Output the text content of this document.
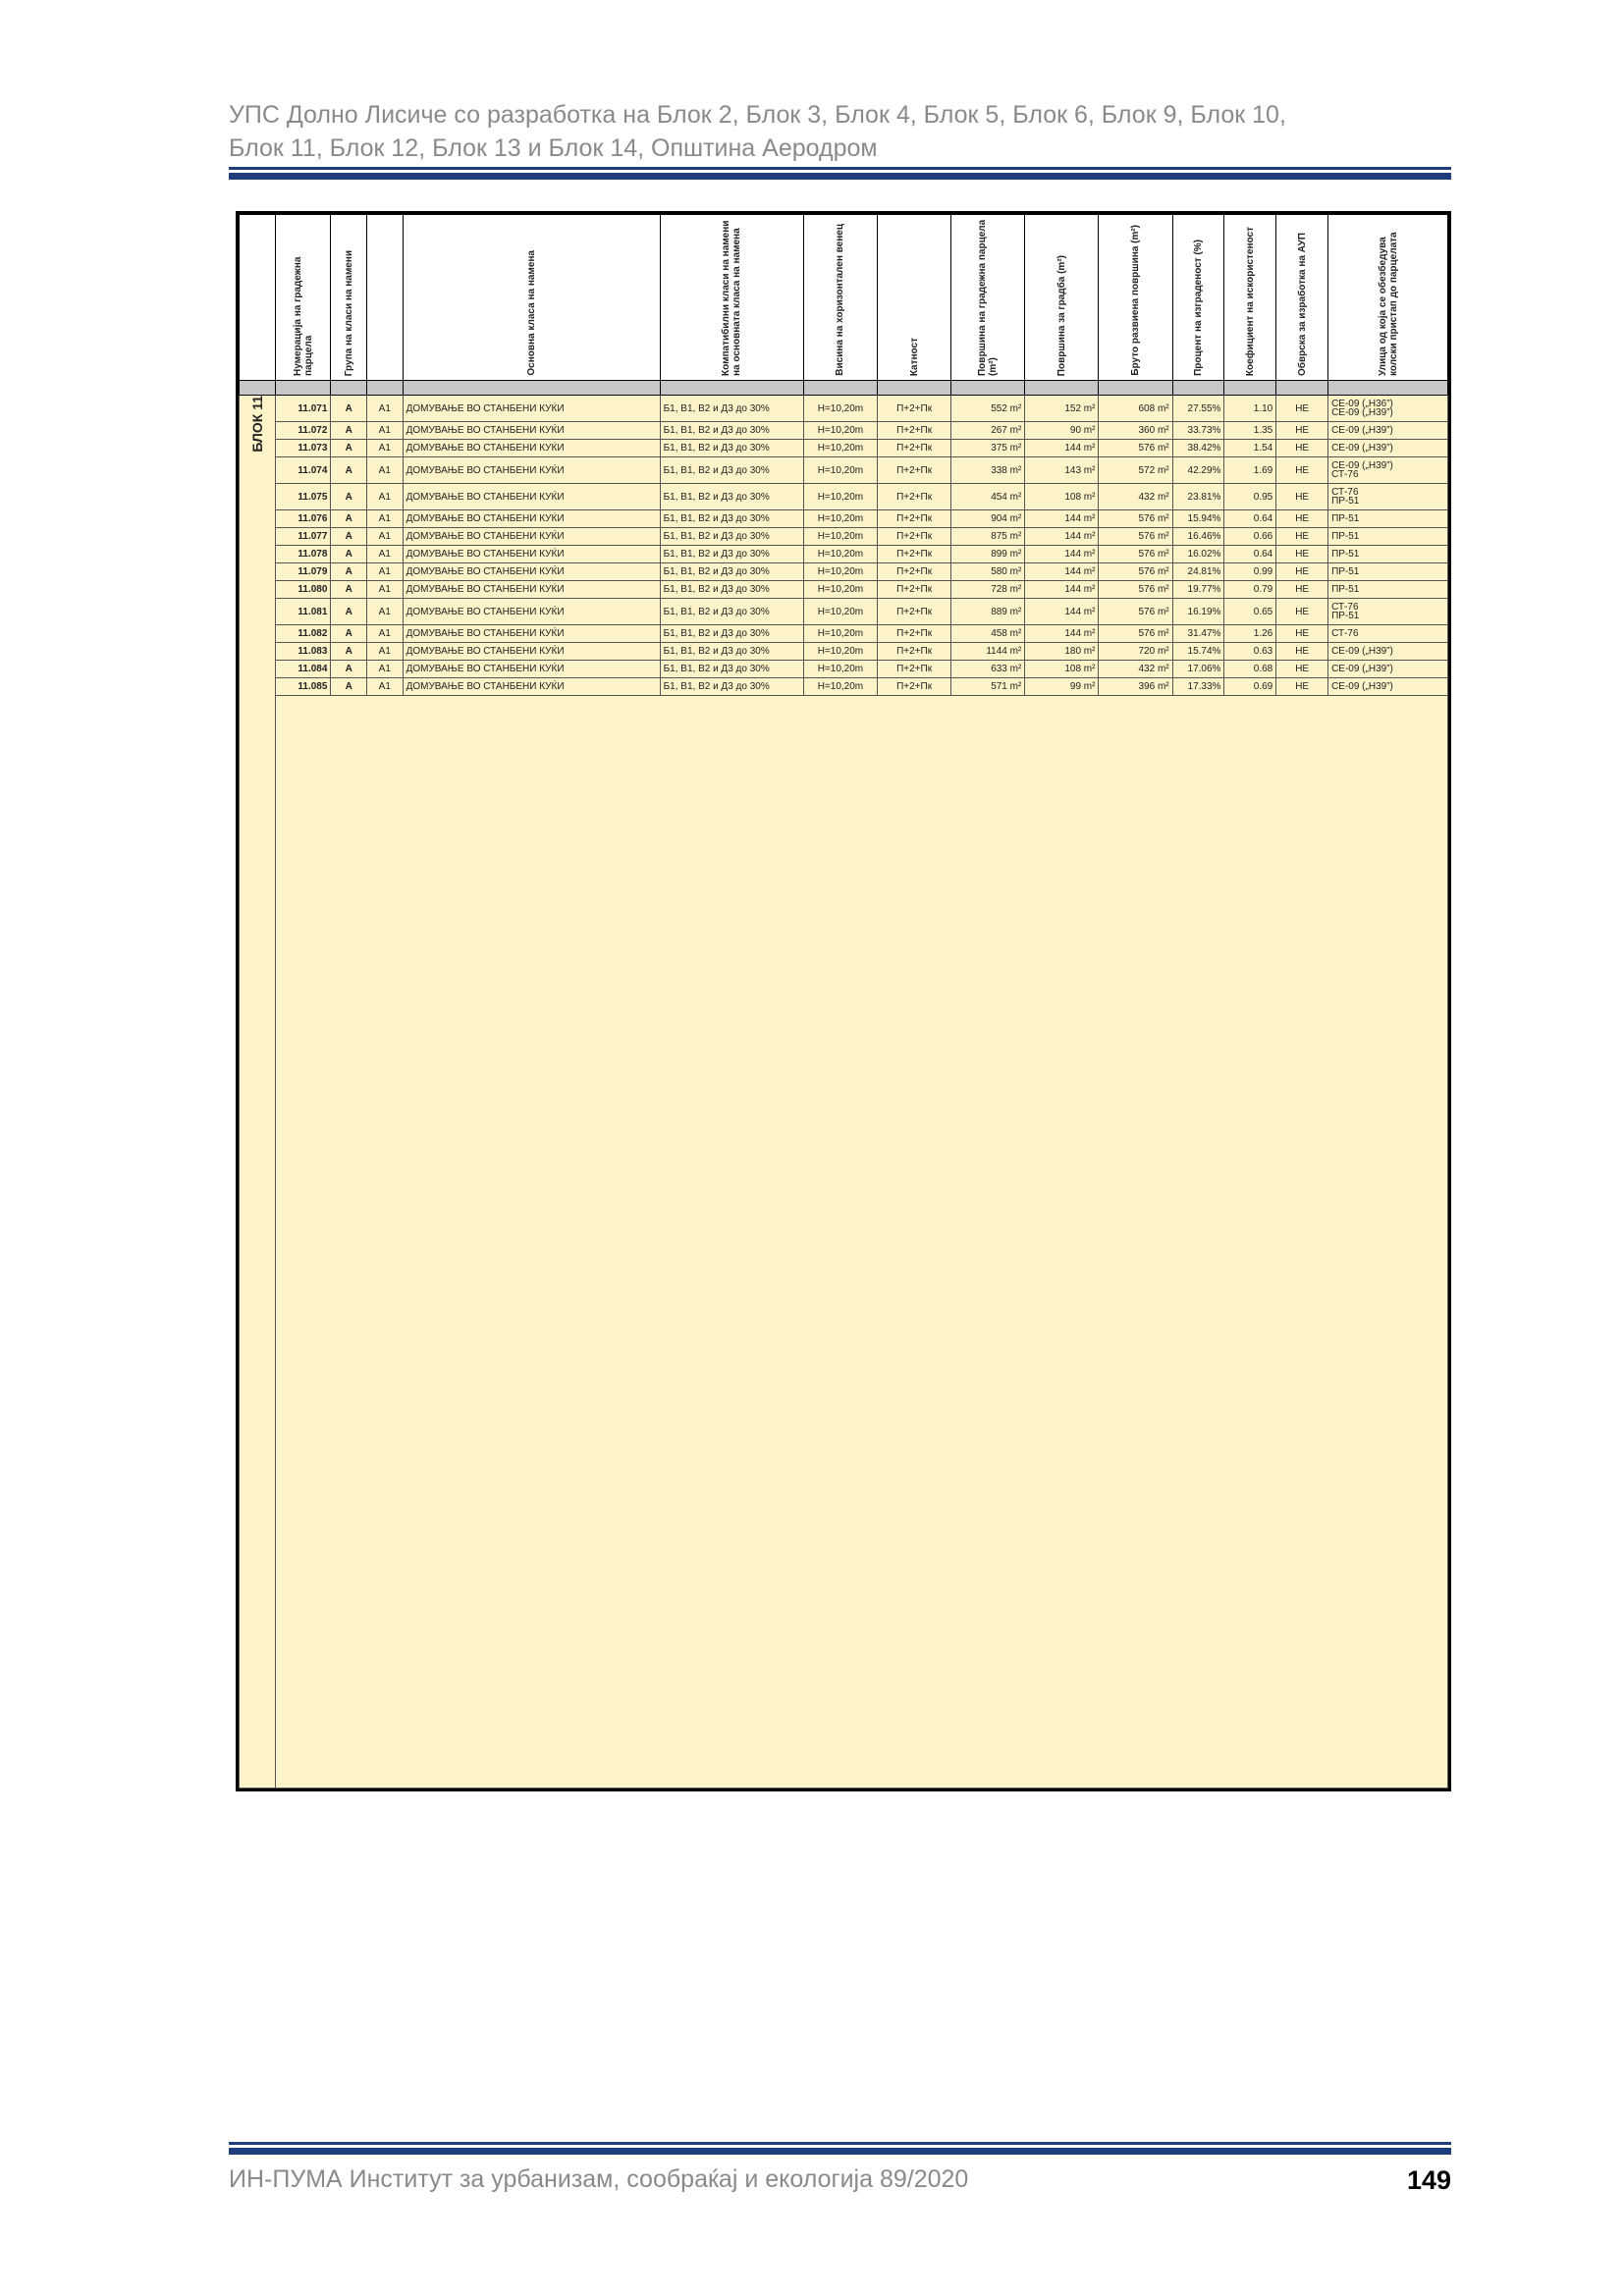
УПС Долно Лисиче со разработка на Блок 2, Блок 3, Блок 4, Блок 5, Блок 6, Блок 9, Блок 10,
Блок 11, Блок 12, Блок 13 и Блок 14, Општина Аеродром

	Нумерација на градежна парцела	Група на класи на намени		Основна класа на намена	Компатибилни класи на намени на основната класа на намена	Висина на хоризонтален венец	Катност	Површина на градежна парцела (m²)	Површина за градба (m²)	Бруто развиена површина (m²)	Процент на изграденост (%)	Коефициент на искористеност	Обврска за изработка на АУП	Улица од која се обезбедува колски пристап до парцелата

БЛОК 11	11.071	А	А1	ДОМУВАЊЕ ВО СТАНБЕНИ КУЌИ	Б1, В1, В2 и Д3 до 30%	Н=10,20m	П+2+Пк	552 m²	152 m²	608 m²	27.55%	1.10	НЕ	СЕ-09 („Н36”)
СЕ-09 („Н39”)
	11.072	А	А1	ДОМУВАЊЕ ВО СТАНБЕНИ КУЌИ	Б1, В1, В2 и Д3 до 30%	Н=10,20m	П+2+Пк	267 m²	90 m²	360 m²	33.73%	1.35	НЕ	СЕ-09 („Н39”)
	11.073	А	А1	ДОМУВАЊЕ ВО СТАНБЕНИ КУЌИ	Б1, В1, В2 и Д3 до 30%	Н=10,20m	П+2+Пк	375 m²	144 m²	576 m²	38.42%	1.54	НЕ	СЕ-09 („Н39”)
	11.074	А	А1	ДОМУВАЊЕ ВО СТАНБЕНИ КУЌИ	Б1, В1, В2 и Д3 до 30%	Н=10,20m	П+2+Пк	338 m²	143 m²	572 m²	42.29%	1.69	НЕ	СЕ-09 („Н39”)
СТ-76
	11.075	А	А1	ДОМУВАЊЕ ВО СТАНБЕНИ КУЌИ	Б1, В1, В2 и Д3 до 30%	Н=10,20m	П+2+Пк	454 m²	108 m²	432 m²	23.81%	0.95	НЕ	СТ-76
ПР-51
	11.076	А	А1	ДОМУВАЊЕ ВО СТАНБЕНИ КУЌИ	Б1, В1, В2 и Д3 до 30%	Н=10,20m	П+2+Пк	904 m²	144 m²	576 m²	15.94%	0.64	НЕ	ПР-51
	11.077	А	А1	ДОМУВАЊЕ ВО СТАНБЕНИ КУЌИ	Б1, В1, В2 и Д3 до 30%	Н=10,20m	П+2+Пк	875 m²	144 m²	576 m²	16.46%	0.66	НЕ	ПР-51
	11.078	А	А1	ДОМУВАЊЕ ВО СТАНБЕНИ КУЌИ	Б1, В1, В2 и Д3 до 30%	Н=10,20m	П+2+Пк	899 m²	144 m²	576 m²	16.02%	0.64	НЕ	ПР-51
	11.079	А	А1	ДОМУВАЊЕ ВО СТАНБЕНИ КУЌИ	Б1, В1, В2 и Д3 до 30%	Н=10,20m	П+2+Пк	580 m²	144 m²	576 m²	24.81%	0.99	НЕ	ПР-51
	11.080	А	А1	ДОМУВАЊЕ ВО СТАНБЕНИ КУЌИ	Б1, В1, В2 и Д3 до 30%	Н=10,20m	П+2+Пк	728 m²	144 m²	576 m²	19.77%	0.79	НЕ	ПР-51
	11.081	А	А1	ДОМУВАЊЕ ВО СТАНБЕНИ КУЌИ	Б1, В1, В2 и Д3 до 30%	Н=10,20m	П+2+Пк	889 m²	144 m²	576 m²	16.19%	0.65	НЕ	СТ-76
ПР-51
	11.082	А	А1	ДОМУВАЊЕ ВО СТАНБЕНИ КУЌИ	Б1, В1, В2 и Д3 до 30%	Н=10,20m	П+2+Пк	458 m²	144 m²	576 m²	31.47%	1.26	НЕ	СТ-76
	11.083	А	А1	ДОМУВАЊЕ ВО СТАНБЕНИ КУЌИ	Б1, В1, В2 и Д3 до 30%	Н=10,20m	П+2+Пк	1144 m²	180 m²	720 m²	15.74%	0.63	НЕ	СЕ-09 („Н39”)
	11.084	А	А1	ДОМУВАЊЕ ВО СТАНБЕНИ КУЌИ	Б1, В1, В2 и Д3 до 30%	Н=10,20m	П+2+Пк	633 m²	108 m²	432 m²	17.06%	0.68	НЕ	СЕ-09 („Н39”)
	11.085	А	А1	ДОМУВАЊЕ ВО СТАНБЕНИ КУЌИ	Б1, В1, В2 и Д3 до 30%	Н=10,20m	П+2+Пк	571 m²	99 m²	396 m²	17.33%	0.69	НЕ	СЕ-09 („Н39”)

ИН-ПУМА Институт за урбанизам, сообраќај и екологија 89/2020	149
